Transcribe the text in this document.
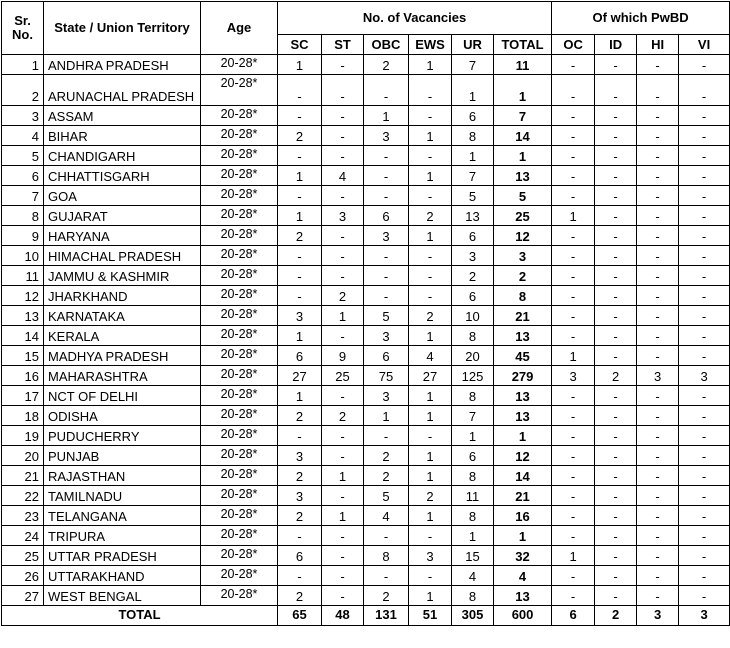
Sr. No.	State / Union Territory	Age	No. of Vacancies						Of which PwBD			
			SC	ST	OBC	EWS	UR	TOTAL	OC	ID	HI	VI
1	ANDHRA PRADESH	20-28*	1	-	2	1	7	11	-	-	-	-
2	ARUNACHAL PRADESH	20-28*	-	-	-	-	1	1	-	-	-	-
3	ASSAM	20-28*	-	-	1	-	6	7	-	-	-	-
4	BIHAR	20-28*	2	-	3	1	8	14	-	-	-	-
5	CHANDIGARH	20-28*	-	-	-	-	1	1	-	-	-	-
6	CHHATTISGARH	20-28*	1	4	-	1	7	13	-	-	-	-
7	GOA	20-28*	-	-	-	-	5	5	-	-	-	-
8	GUJARAT	20-28*	1	3	6	2	13	25	1	-	-	-
9	HARYANA	20-28*	2	-	3	1	6	12	-	-	-	-
10	HIMACHAL PRADESH	20-28*	-	-	-	-	3	3	-	-	-	-
11	JAMMU & KASHMIR	20-28*	-	-	-	-	2	2	-	-	-	-
12	JHARKHAND	20-28*	-	2	-	-	6	8	-	-	-	-
13	KARNATAKA	20-28*	3	1	5	2	10	21	-	-	-	-
14	KERALA	20-28*	1	-	3	1	8	13	-	-	-	-
15	MADHYA PRADESH	20-28*	6	9	6	4	20	45	1	-	-	-
16	MAHARASHTRA	20-28*	27	25	75	27	125	279	3	2	3	3
17	NCT OF DELHI	20-28*	1	-	3	1	8	13	-	-	-	-
18	ODISHA	20-28*	2	2	1	1	7	13	-	-	-	-
19	PUDUCHERRY	20-28*	-	-	-	-	1	1	-	-	-	-
20	PUNJAB	20-28*	3	-	2	1	6	12	-	-	-	-
21	RAJASTHAN	20-28*	2	1	2	1	8	14	-	-	-	-
22	TAMILNADU	20-28*	3	-	5	2	11	21	-	-	-	-
23	TELANGANA	20-28*	2	1	4	1	8	16	-	-	-	-
24	TRIPURA	20-28*	-	-	-	-	1	1	-	-	-	-
25	UTTAR PRADESH	20-28*	6	-	8	3	15	32	1	-	-	-
26	UTTARAKHAND	20-28*	-	-	-	-	4	4	-	-	-	-
27	WEST BENGAL	20-28*	2	-	2	1	8	13	-	-	-	-
TOTAL			65	48	131	51	305	600	6	2	3	3
